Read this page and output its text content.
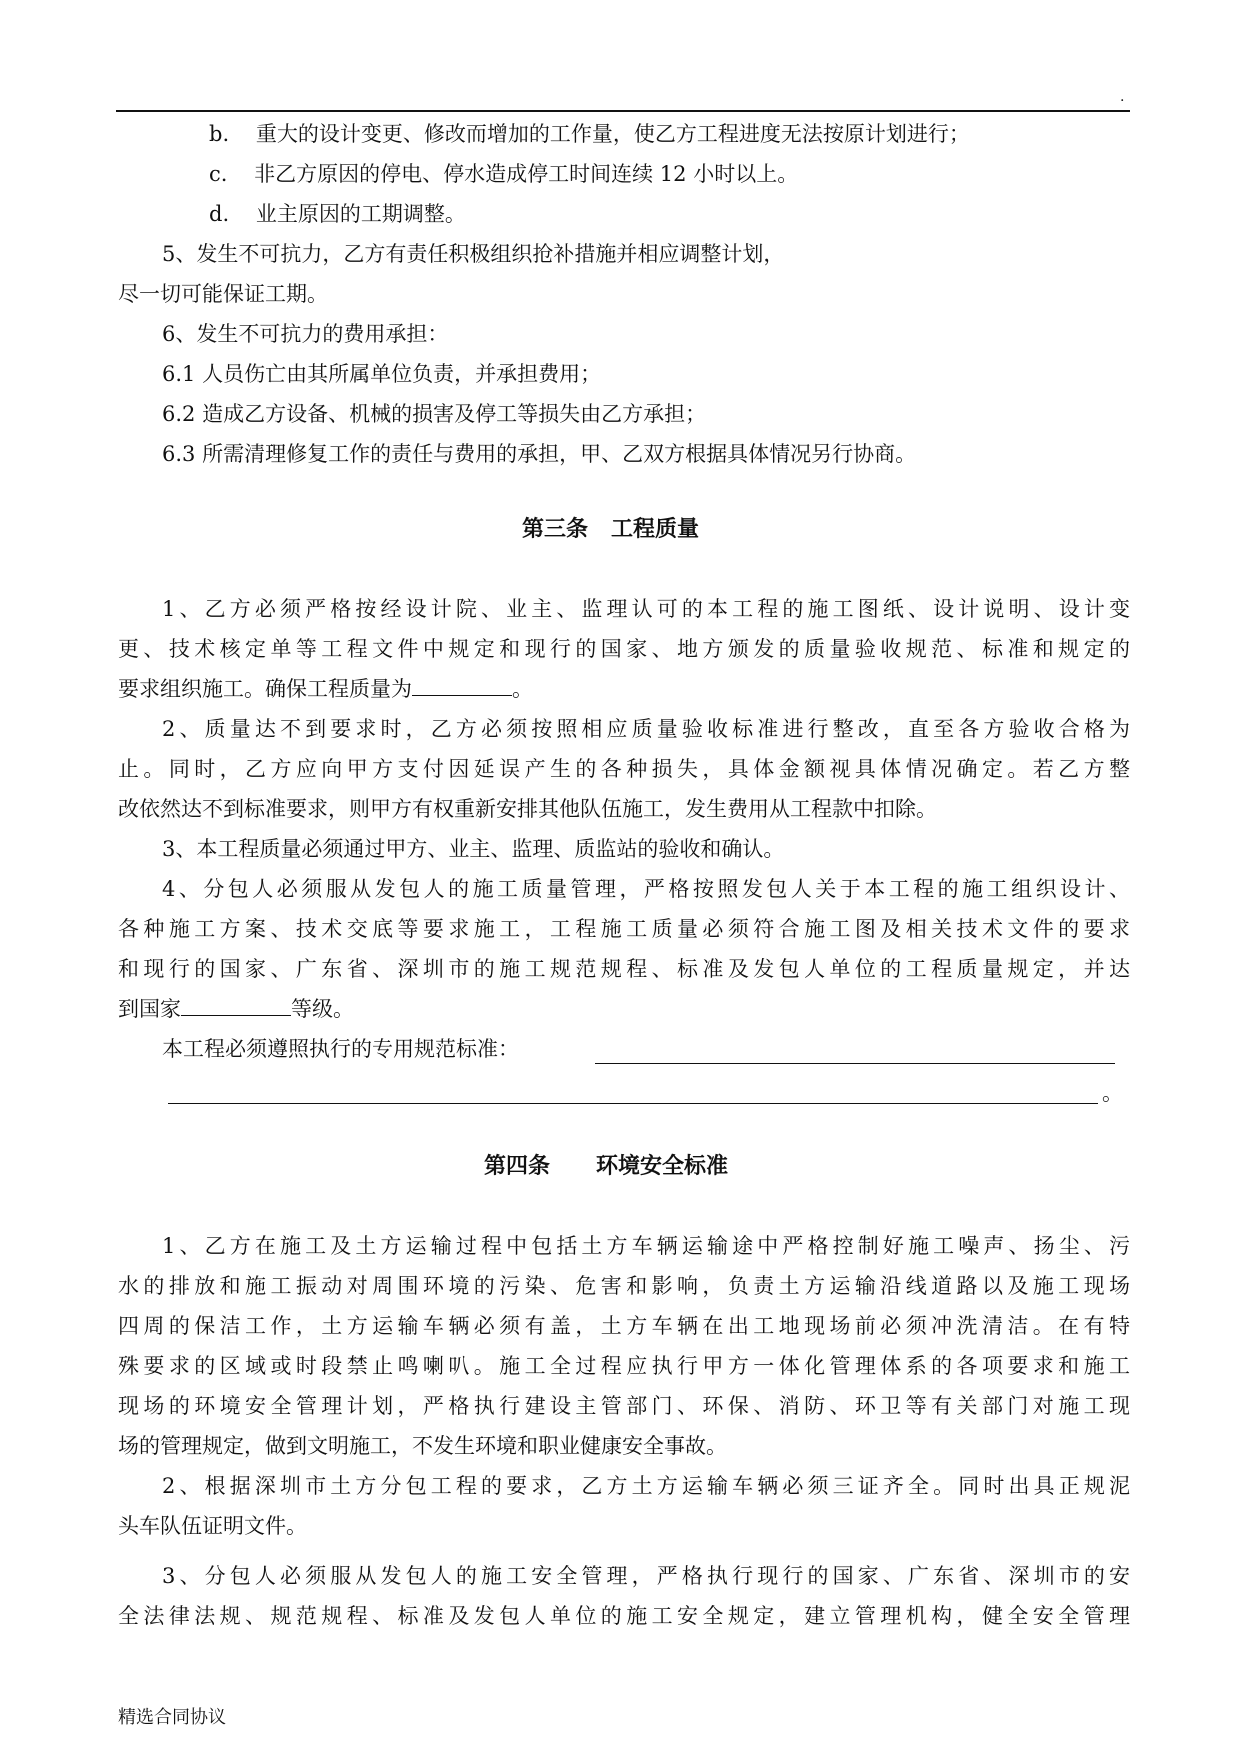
.
b.    重大的设计变更、修改而增加的工作量，使乙方工程进度无法按原计划进行；
c.    非乙方原因的停电、停水造成停工时间连续 12 小时以上。
d.    业主原因的工期调整。
5、发生不可抗力，乙方有责任积极组织抢补措施并相应调整计划，
尽一切可能保证工期。
6、发生不可抗力的费用承担：
6.1 人员伤亡由其所属单位负责，并承担费用；
6.2 造成乙方设备、机械的损害及停工等损失由乙方承担；
6.3 所需清理修复工作的责任与费用的承担，甲、乙双方根据具体情况另行协商。
第三条   工程质量
1、乙方必须严格按经设计院、业主、监理认可的本工程的施工图纸、设计说明、设计变
更、技术核定单等工程文件中规定和现行的国家、地方颁发的质量验收规范、标准和规定的
要求组织施工。确保工程质量为	。
2、质量达不到要求时，乙方必须按照相应质量验收标准进行整改，直至各方验收合格为
止。同时，乙方应向甲方支付因延误产生的各种损失，具体金额视具体情况确定。若乙方整
改依然达不到标准要求，则甲方有权重新安排其他队伍施工，发生费用从工程款中扣除。
3、本工程质量必须通过甲方、业主、监理、质监站的验收和确认。
4、分包人必须服从发包人的施工质量管理，严格按照发包人关于本工程的施工组织设计、
各种施工方案、技术交底等要求施工，工程施工质量必须符合施工图及相关技术文件的要求
和现行的国家、广东省、深圳市的施工规范规程、标准及发包人单位的工程质量规定，并达
到国家	等级。
本工程必须遵照执行的专用规范标准：
。
第四条      环境安全标准
1、乙方在施工及土方运输过程中包括土方车辆运输途中严格控制好施工噪声、扬尘、污
水的排放和施工振动对周围环境的污染、危害和影响，负责土方运输沿线道路以及施工现场
四周的保洁工作，土方运输车辆必须有盖，土方车辆在出工地现场前必须冲洗清洁。在有特
殊要求的区域或时段禁止鸣喇叭。施工全过程应执行甲方一体化管理体系的各项要求和施工
现场的环境安全管理计划，严格执行建设主管部门、环保、消防、环卫等有关部门对施工现
场的管理规定，做到文明施工，不发生环境和职业健康安全事故。
2、根据深圳市土方分包工程的要求，乙方土方运输车辆必须三证齐全。同时出具正规泥
头车队伍证明文件。
3、分包人必须服从发包人的施工安全管理，严格执行现行的国家、广东省、深圳市的安
全法律法规、规范规程、标准及发包人单位的施工安全规定，建立管理机构，健全安全管理
精选合同协议
